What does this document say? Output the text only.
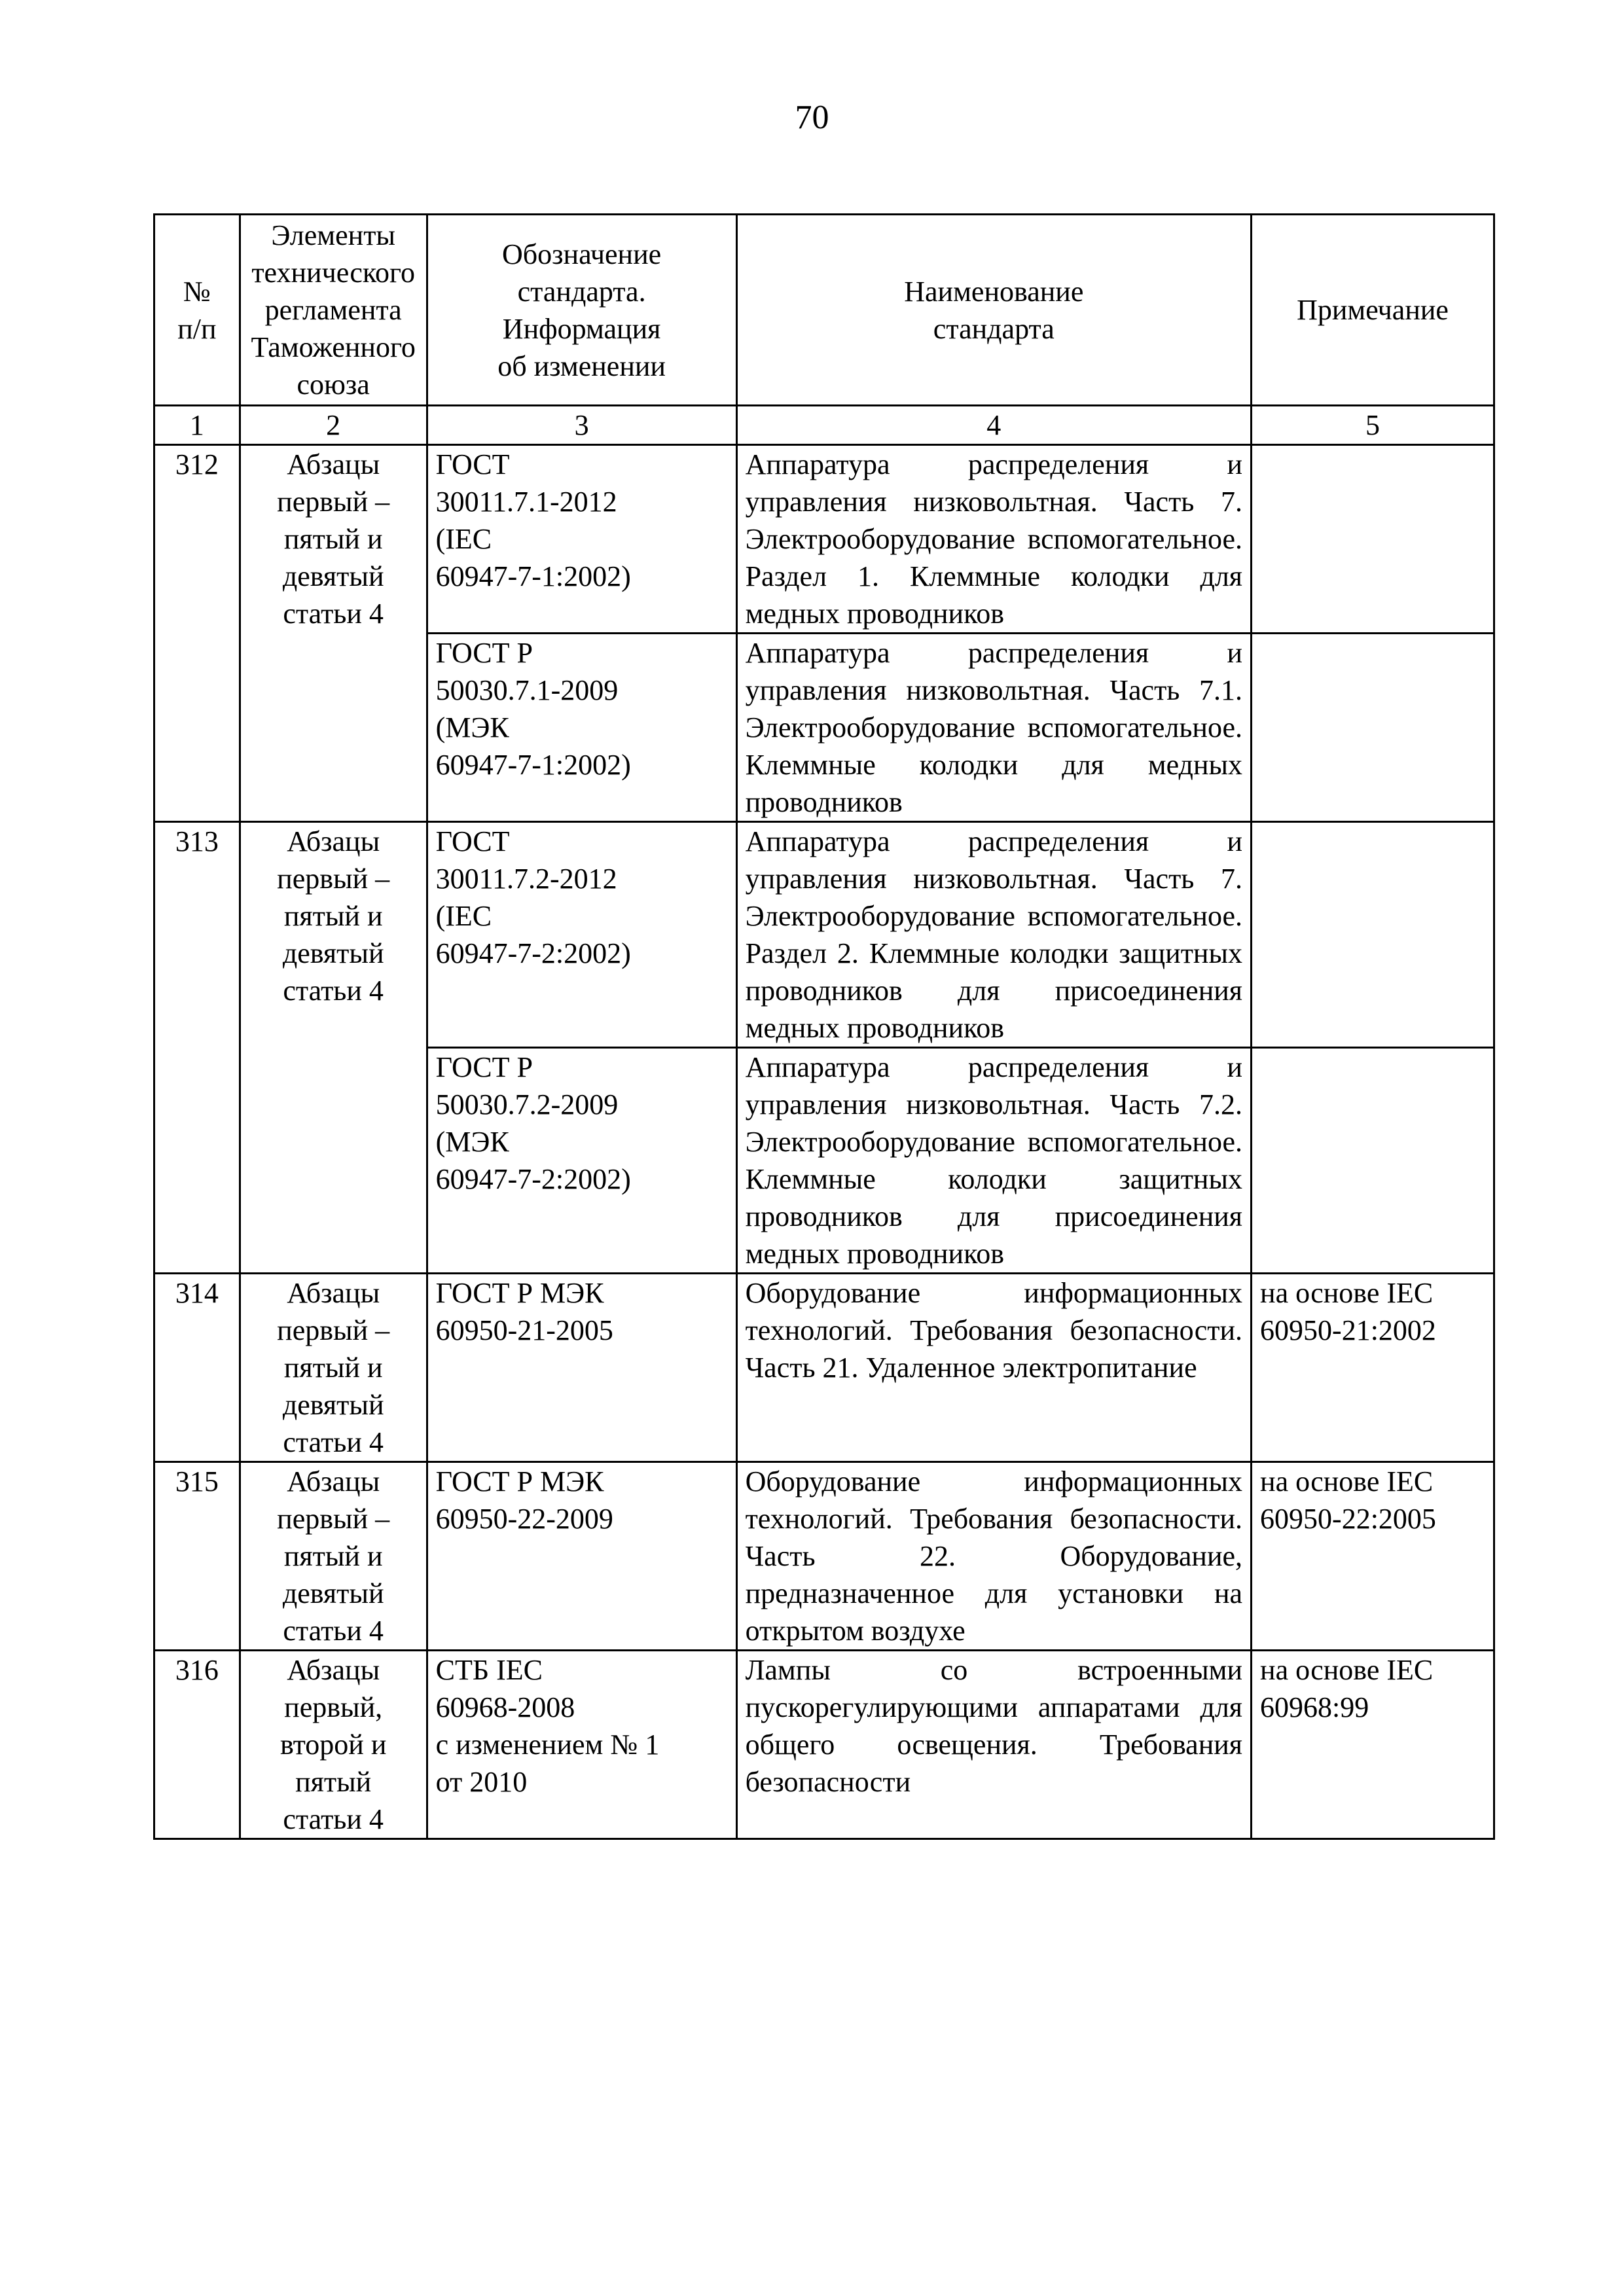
70
№
п/п	Элементы
технического
регламента
Таможенного
союза	Обозначение
стандарта.
Информация
об изменении	Наименование
стандарта	Примечание
1	2	3	4	5
312	Абзацы
первый –
пятый и
девятый
статьи 4	ГОСТ
30011.7.1-2012
(IEC
60947-7-1:2002)	Аппаратура распределения и управления низковольтная. Часть 7. Электрооборудование вспомогательное. Раздел 1. Клеммные колодки для медных проводников	

		ГОСТ Р
50030.7.1-2009
(МЭК
60947-7-1:2002)	Аппаратура распределения и управления низковольтная. Часть 7.1. Электрооборудование вспомогательное. Клеммные колодки для медных проводников	
313	Абзацы
первый –
пятый и
девятый
статьи 4	ГОСТ
30011.7.2-2012
(IEC
60947-7-2:2002)	Аппаратура распределения и управления низковольтная. Часть 7. Электрооборудование вспомогательное. Раздел 2. Клеммные колодки защитных проводников для присоединения медных проводников	

		ГОСТ Р
50030.7.2-2009
(МЭК
60947-7-2:2002)	Аппаратура распределения и управления низковольтная. Часть 7.2. Электрооборудование вспомогательное. Клеммные колодки защитных проводников для присоединения медных проводников	
314	Абзацы
первый –
пятый и
девятый
статьи 4	ГОСТ Р МЭК
60950-21-2005	Оборудование информационных технологий. Требования безопасности. Часть 21. Удаленное электропитание	на основе IEC
60950-21:2002

315	Абзацы
первый –
пятый и
девятый
статьи 4	ГОСТ Р МЭК
60950-22-2009	Оборудование информационных технологий. Требования безопасности. Часть 22. Оборудование, предназначенное для установки на открытом воздухе	на основе IEC
60950-22:2005

316	Абзацы
первый,
второй и
пятый
статьи 4	СТБ IEC
60968-2008
с изменением № 1
от 2010	Лампы со встроенными пускорегулирующими аппаратами для общего освещения. Требования безопасности	на основе IEC
60968:99
